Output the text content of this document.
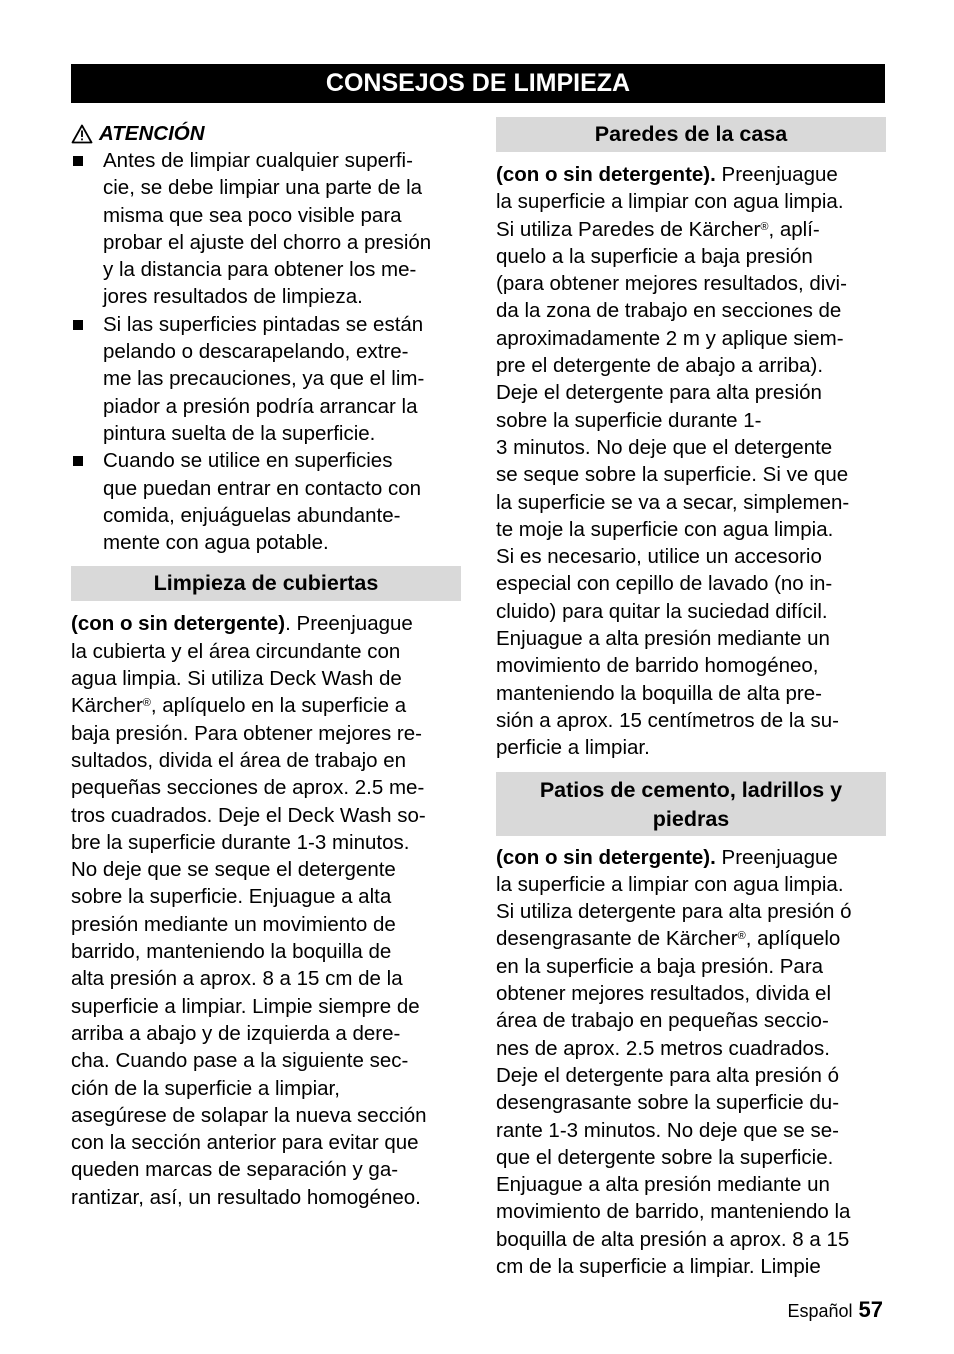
CONSEJOS DE LIMPIEZA
ATENCIÓN
Antes de limpiar cualquier superfi-
cie, se debe limpiar una parte de la
misma que sea poco visible para
probar el ajuste del chorro a presión
y la distancia para obtener los me-
jores resultados de limpieza.
Si las superficies pintadas se están
pelando o descarapelando, extre-
me las precauciones, ya que el lim-
piador a presión podría arrancar la
pintura suelta de la superficie.
Cuando se utilice en superficies
que puedan entrar en contacto con
comida, enjuáguelas abundante-
mente con agua potable.
Limpieza de cubiertas
(con o sin detergente). Preenjuague
la cubierta y el área circundante con
agua limpia. Si utiliza Deck Wash de
Kärcher®, aplíquelo en la superficie a
baja presión. Para obtener mejores re-
sultados, divida el área de trabajo en
pequeñas secciones de aprox. 2.5 me-
tros cuadrados. Deje el Deck Wash so-
bre la superficie durante 1-3 minutos.
No deje que se seque el detergente
sobre la superficie. Enjuague a alta
presión mediante un movimiento de
barrido, manteniendo la boquilla de
alta presión a aprox. 8 a 15 cm de la
superficie a limpiar. Limpie siempre de
arriba a abajo y de izquierda a dere-
cha. Cuando pase a la siguiente sec-
ción de la superficie a limpiar,
asegúrese de solapar la nueva sección
con la sección anterior para evitar que
queden marcas de separación y ga-
rantizar, así, un resultado homogéneo.
Paredes de la casa
(con o sin detergente). Preenjuague
la superficie a limpiar con agua limpia.
Si utiliza Paredes de Kärcher®, aplí-
quelo a la superficie a baja presión
(para obtener mejores resultados, divi-
da la zona de trabajo en secciones de
aproximadamente 2 m y aplique siem-
pre el detergente de abajo a arriba).
Deje el detergente para alta presión
sobre la superficie durante 1-
3 minutos. No deje que el detergente
se seque sobre la superficie. Si ve que
la superficie se va a secar, simplemen-
te moje la superficie con agua limpia.
Si es necesario, utilice un accesorio
especial con cepillo de lavado (no in-
cluido) para quitar la suciedad difícil.
Enjuague a alta presión mediante un
movimiento de barrido homogéneo,
manteniendo la boquilla de alta pre-
sión a aprox. 15 centímetros de la su-
perficie a limpiar.
Patios de cemento, ladrillos y
piedras
(con o sin detergente). Preenjuague
la superficie a limpiar con agua limpia.
Si utiliza detergente para alta presión ó
desengrasante de Kärcher®, aplíquelo
en la superficie a baja presión. Para
obtener mejores resultados, divida el
área de trabajo en pequeñas seccio-
nes de aprox. 2.5 metros cuadrados.
Deje el detergente para alta presión ó
desengrasante sobre la superficie du-
rante 1-3 minutos. No deje que se se-
que el detergente sobre la superficie.
Enjuague a alta presión mediante un
movimiento de barrido, manteniendo la
boquilla de alta presión a aprox. 8 a 15
cm de la superficie a limpiar. Limpie
Español 57
